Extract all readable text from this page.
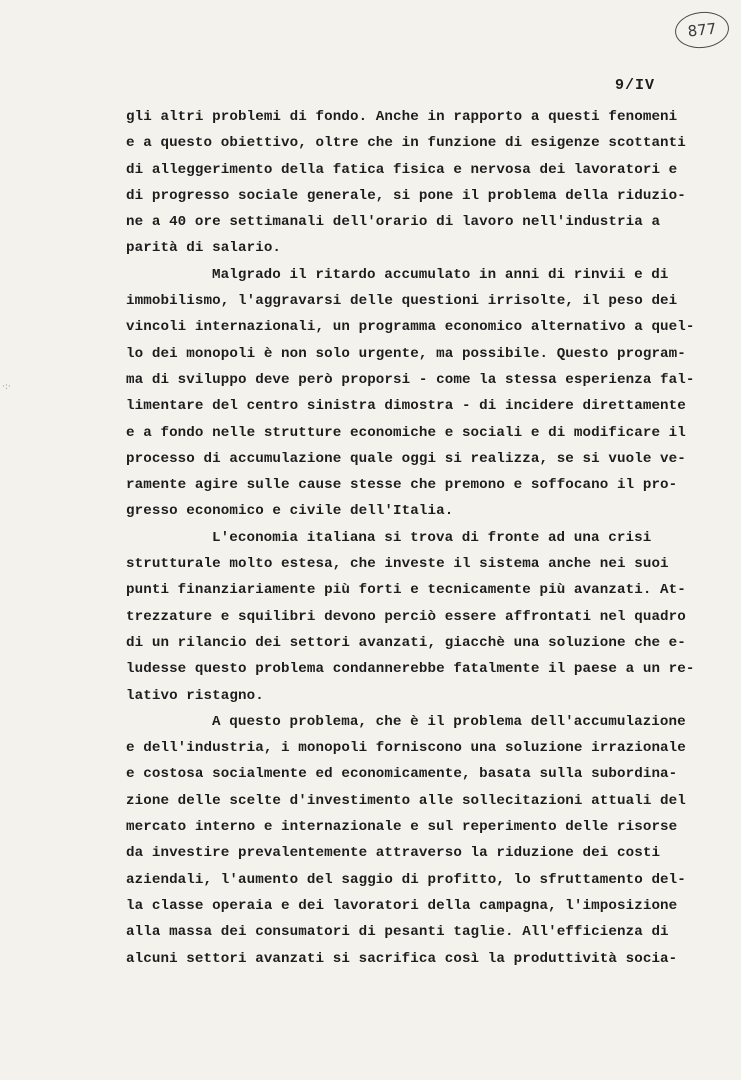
877
9/IV
·:·
gli altri problemi di fondo. Anche in rapporto a questi fenomeni
e a questo obiettivo, oltre che in funzione di esigenze scottanti
di alleggerimento della fatica fisica e nervosa dei lavoratori e
di progresso sociale generale, si pone il problema della riduzio-
ne a 40 ore settimanali dell'orario di lavoro nell'industria a
parità di salario.
Malgrado il ritardo accumulato in anni di rinvii e di
immobilismo, l'aggravarsi delle questioni irrisolte, il peso dei
vincoli internazionali, un programma economico alternativo a quel-
lo dei monopoli è non solo urgente, ma possibile. Questo program-
ma di sviluppo deve però proporsi - come la stessa esperienza fal-
limentare del centro sinistra dimostra - di incidere direttamente
e a fondo nelle strutture economiche e sociali e di modificare il
processo di accumulazione quale oggi si realizza, se si vuole ve-
ramente agire sulle cause stesse che premono e soffocano il pro-
gresso economico e civile dell'Italia.
L'economia italiana si trova di fronte ad una crisi
strutturale molto estesa, che investe il sistema anche nei suoi
punti finanziariamente più forti e tecnicamente più avanzati. At-
trezzature e squilibri devono perciò essere affrontati nel quadro
di un rilancio dei settori avanzati, giacchè una soluzione che e-
ludesse questo problema condannerebbe fatalmente il paese a un re-
lativo ristagno.
A questo problema, che è il problema dell'accumulazione
e dell'industria, i monopoli forniscono una soluzione irrazionale
e costosa socialmente ed economicamente, basata sulla subordina-
zione delle scelte d'investimento alle sollecitazioni attuali del
mercato interno e internazionale e sul reperimento delle risorse
da investire prevalentemente attraverso la riduzione dei costi
aziendali, l'aumento del saggio di profitto, lo sfruttamento del-
la classe operaia e dei lavoratori della campagna, l'imposizione
alla massa dei consumatori di pesanti taglie. All'efficienza di
alcuni settori avanzati si sacrifica così la produttività socia-
